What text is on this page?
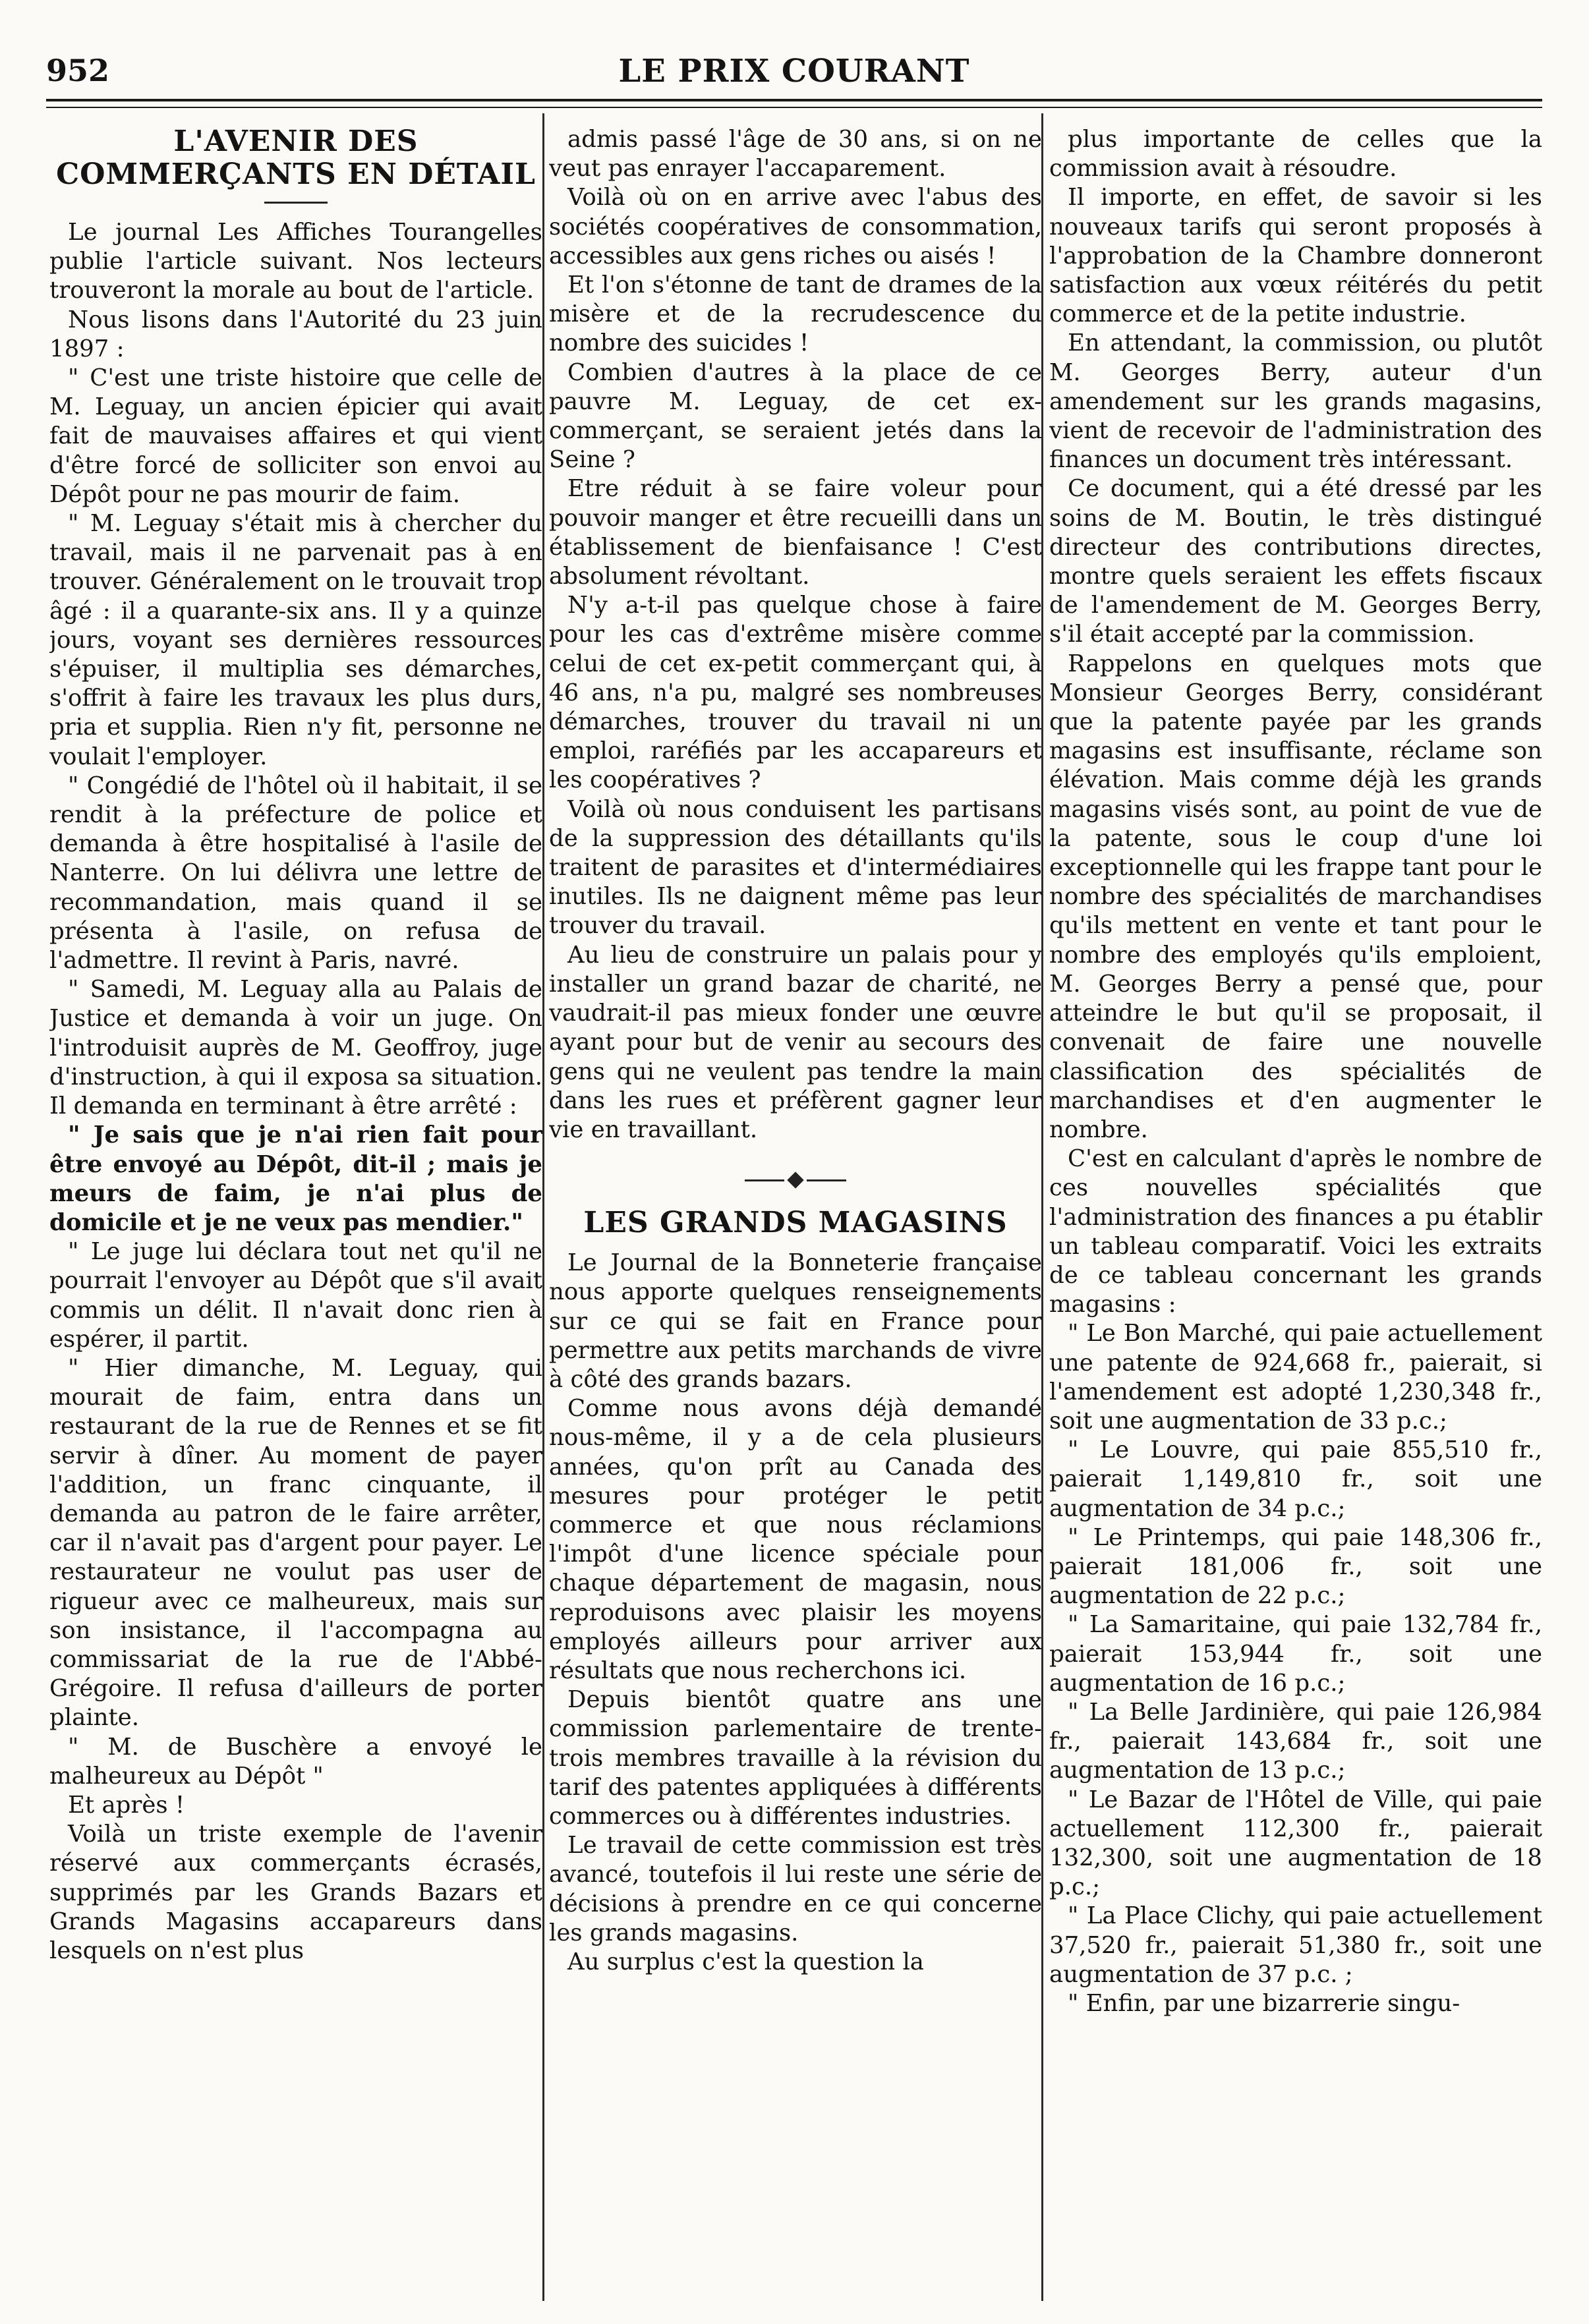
952	LE PRIX COURANT
L'AVENIR DES COMMERÇANTS EN DÉTAIL

Le journal Les Affiches Tourangelles publie l'article suivant. Nos lecteurs trouveront la morale au bout de l'article.

Nous lisons dans l'Autorité du 23 juin 1897 :

" C'est une triste histoire que celle de M. Leguay, un ancien épicier qui avait fait de mauvaises affaires et qui vient d'être forcé de solliciter son envoi au Dépôt pour ne pas mourir de faim.

" M. Leguay s'était mis à chercher du travail, mais il ne parvenait pas à en trouver. Généralement on le trouvait trop âgé : il a quarante-six ans. Il y a quinze jours, voyant ses dernières ressources s'épuiser, il multiplia ses démarches, s'offrit à faire les travaux les plus durs, pria et supplia. Rien n'y fit, personne ne voulait l'employer.

" Congédié de l'hôtel où il habitait, il se rendit à la préfecture de police et demanda à être hospitalisé à l'asile de Nanterre. On lui délivra une lettre de recommandation, mais quand il se présenta à l'asile, on refusa de l'admettre. Il revint à Paris, navré.

" Samedi, M. Leguay alla au Palais de Justice et demanda à voir un juge. On l'introduisit auprès de M. Geoffroy, juge d'instruction, à qui il exposa sa situation. Il demanda en terminant à être arrêté :

" Je sais que je n'ai rien fait pour être envoyé au Dépôt, dit-il ; mais je meurs de faim, je n'ai plus de domicile et je ne veux pas mendier."

" Le juge lui déclara tout net qu'il ne pourrait l'envoyer au Dépôt que s'il avait commis un délit. Il n'avait donc rien à espérer, il partit.

" Hier dimanche, M. Leguay, qui mourait de faim, entra dans un restaurant de la rue de Rennes et se fit servir à dîner. Au moment de payer l'addition, un franc cinquante, il demanda au patron de le faire arrêter, car il n'avait pas d'argent pour payer. Le restaurateur ne voulut pas user de rigueur avec ce malheureux, mais sur son insistance, il l'accompagna au commissariat de la rue de l'Abbé-Grégoire. Il refusa d'ailleurs de porter plainte.

" M. de Buschère a envoyé le malheureux au Dépôt "

Et après !

Voilà un triste exemple de l'avenir réservé aux commerçants écrasés, supprimés par les Grands Bazars et Grands Magasins accapareurs dans lesquels on n'est plus

admis passé l'âge de 30 ans, si on ne veut pas enrayer l'accaparement.

Voilà où on en arrive avec l'abus des sociétés coopératives de consommation, accessibles aux gens riches ou aisés !

Et l'on s'étonne de tant de drames de la misère et de la recrudescence du nombre des suicides !

Combien d'autres à la place de ce pauvre M. Leguay, de cet ex-commerçant, se seraient jetés dans la Seine ?

Etre réduit à se faire voleur pour pouvoir manger et être recueilli dans un établissement de bienfaisance ! C'est absolument révoltant.

N'y a-t-il pas quelque chose à faire pour les cas d'extrême misère comme celui de cet ex-petit commerçant qui, à 46 ans, n'a pu, malgré ses nombreuses démarches, trouver du travail ni un emploi, raréfiés par les accapareurs et les coopératives ?

Voilà où nous conduisent les partisans de la suppression des détaillants qu'ils traitent de parasites et d'intermédiaires inutiles. Ils ne daignent même pas leur trouver du travail.

Au lieu de construire un palais pour y installer un grand bazar de charité, ne vaudrait-il pas mieux fonder une œuvre ayant pour but de venir au secours des gens qui ne veulent pas tendre la main dans les rues et préfèrent gagner leur vie en travaillant.

LES GRANDS MAGASINS

Le Journal de la Bonneterie française nous apporte quelques renseignements sur ce qui se fait en France pour permettre aux petits marchands de vivre à côté des grands bazars.

Comme nous avons déjà demandé nous-même, il y a de cela plusieurs années, qu'on prît au Canada des mesures pour protéger le petit commerce et que nous réclamions l'impôt d'une licence spéciale pour chaque département de magasin, nous reproduisons avec plaisir les moyens employés ailleurs pour arriver aux résultats que nous recherchons ici.

Depuis bientôt quatre ans une commission parlementaire de trente-trois membres travaille à la révision du tarif des patentes appliquées à différents commerces ou à différentes industries.

Le travail de cette commission est très avancé, toutefois il lui reste une série de décisions à prendre en ce qui concerne les grands magasins.

Au surplus c'est la question la

plus importante de celles que la commission avait à résoudre.

Il importe, en effet, de savoir si les nouveaux tarifs qui seront proposés à l'approbation de la Chambre donneront satisfaction aux vœux réitérés du petit commerce et de la petite industrie.

En attendant, la commission, ou plutôt M. Georges Berry, auteur d'un amendement sur les grands magasins, vient de recevoir de l'administration des finances un document très intéressant.

Ce document, qui a été dressé par les soins de M. Boutin, le très distingué directeur des contributions directes, montre quels seraient les effets fiscaux de l'amendement de M. Georges Berry, s'il était accepté par la commission.

Rappelons en quelques mots que Monsieur Georges Berry, considérant que la patente payée par les grands magasins est insuffisante, réclame son élévation. Mais comme déjà les grands magasins visés sont, au point de vue de la patente, sous le coup d'une loi exceptionnelle qui les frappe tant pour le nombre des spécialités de marchandises qu'ils mettent en vente et tant pour le nombre des employés qu'ils emploient, M. Georges Berry a pensé que, pour atteindre le but qu'il se proposait, il convenait de faire une nouvelle classification des spécialités de marchandises et d'en augmenter le nombre.

C'est en calculant d'après le nombre de ces nouvelles spécialités que l'administration des finances a pu établir un tableau comparatif. Voici les extraits de ce tableau concernant les grands magasins :

" Le Bon Marché, qui paie actuellement une patente de 924,668 fr., paierait, si l'amendement est adopté 1,230,348 fr., soit une augmentation de 33 p.c.;

" Le Louvre, qui paie 855,510 fr., paierait 1,149,810 fr., soit une augmentation de 34 p.c.;

" Le Printemps, qui paie 148,306 fr., paierait 181,006 fr., soit une augmentation de 22 p.c.;

" La Samaritaine, qui paie 132,784 fr., paierait 153,944 fr., soit une augmentation de 16 p.c.;

" La Belle Jardinière, qui paie 126,984 fr., paierait 143,684 fr., soit une augmentation de 13 p.c.;

" Le Bazar de l'Hôtel de Ville, qui paie actuellement 112,300 fr., paierait 132,300, soit une augmentation de 18 p.c.;

" La Place Clichy, qui paie actuellement 37,520 fr., paierait 51,380 fr., soit une augmentation de 37 p.c. ;

" Enfin, par une bizarrerie singu-
